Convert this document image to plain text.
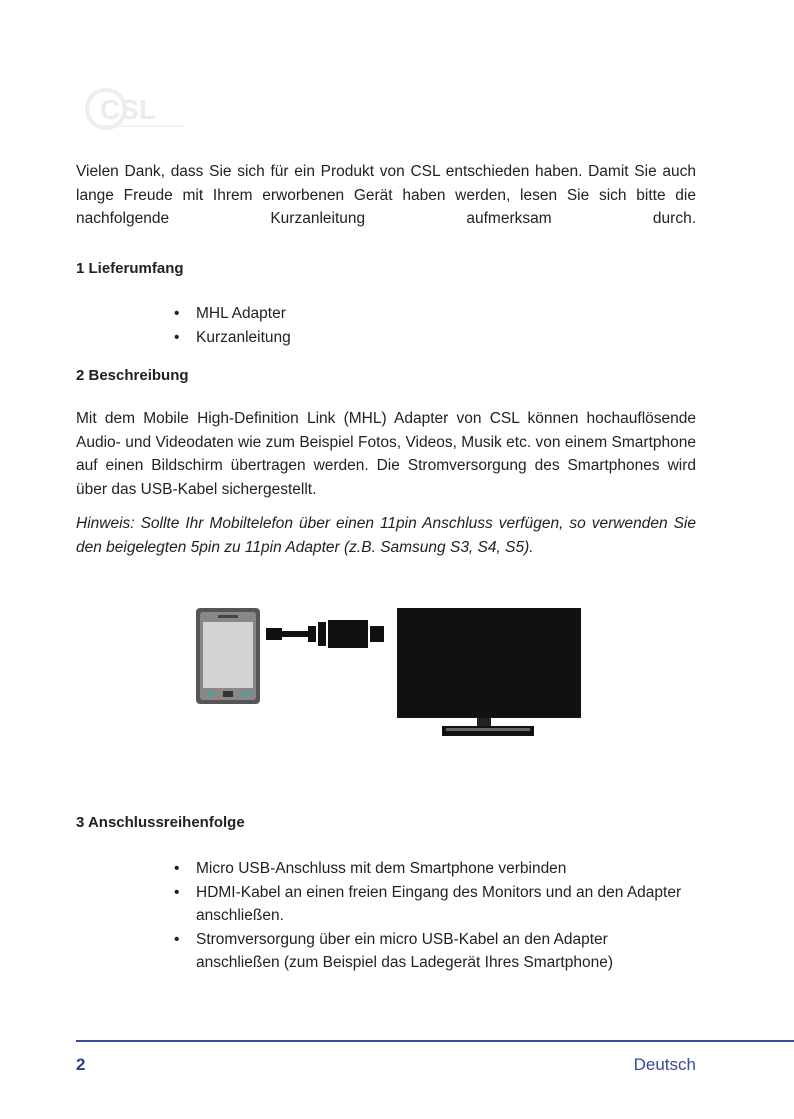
CSL

Vielen Dank, dass Sie sich für ein Produkt von CSL entschieden haben. Damit Sie auch lange Freude mit Ihrem erworbenen Gerät haben werden, lesen Sie sich bitte die nachfolgende Kurzanleitung aufmerksam durch.

1 Lieferumfang
• MHL Adapter
• Kurzanleitung
2 Beschreibung

Mit dem Mobile High-Definition Link (MHL) Adapter von CSL können hochauflösende Audio- und Videodaten wie zum Beispiel Fotos, Videos, Musik etc. von einem Smartphone auf einen Bildschirm übertragen werden. Die Stromversorgung des Smartphones wird über das USB-Kabel sichergestellt.

Hinweis: Sollte Ihr Mobiltelefon über einen 11pin Anschluss verfügen, so verwenden Sie den beigelegten 5pin zu 11pin Adapter (z.B. Samsung S3, S4, S5).

3 Anschlussreihenfolge
• Micro USB-Anschluss mit dem Smartphone verbinden
• HDMI-Kabel an einen freien Eingang des Monitors und an den Adapter anschließen.
• Stromversorgung über ein micro USB-Kabel an den Adapter anschließen (zum Beispiel das Ladegerät Ihres Smartphone)
2	Deutsch
